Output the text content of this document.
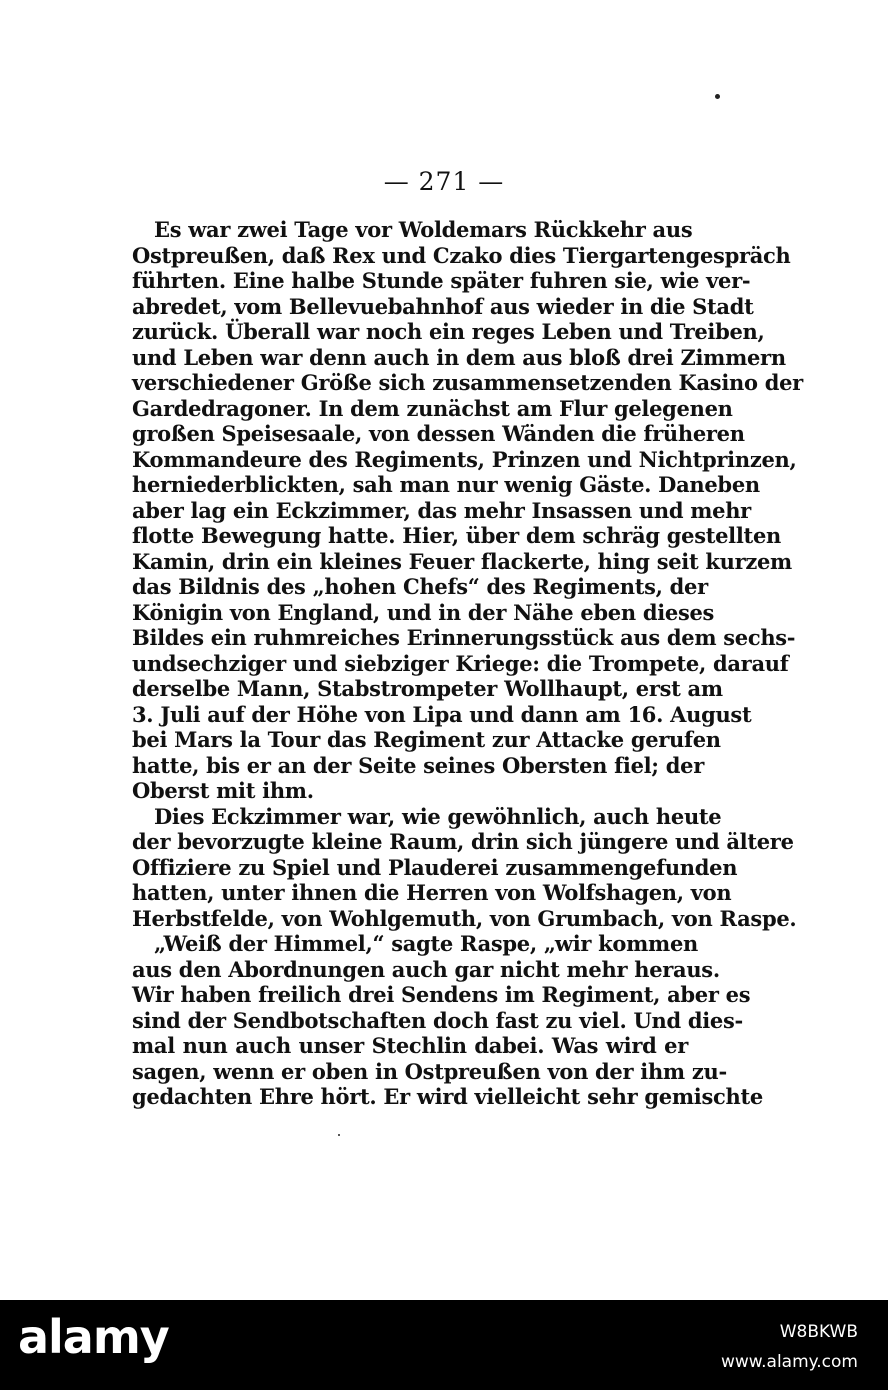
— 271 —
Es war zwei Tage vor Woldemars Rückkehr aus
Ostpreußen, daß Rex und Czako dies Tiergartengespräch
führten. Eine halbe Stunde später fuhren sie, wie ver-
abredet, vom Bellevuebahnhof aus wieder in die Stadt
zurück. Überall war noch ein reges Leben und Treiben,
und Leben war denn auch in dem aus bloß drei Zimmern
verschiedener Größe sich zusammensetzenden Kasino der
Gardedragoner. In dem zunächst am Flur gelegenen
großen Speisesaale, von dessen Wänden die früheren
Kommandeure des Regiments, Prinzen und Nichtprinzen,
herniederblickten, sah man nur wenig Gäste. Daneben
aber lag ein Eckzimmer, das mehr Insassen und mehr
flotte Bewegung hatte. Hier, über dem schräg gestellten
Kamin, drin ein kleines Feuer flackerte, hing seit kurzem
das Bildnis des „hohen Chefs“ des Regiments, der
Königin von England, und in der Nähe eben dieses
Bildes ein ruhmreiches Erinnerungsstück aus dem sechs-
undsechziger und siebziger Kriege: die Trompete, darauf
derselbe Mann, Stabstrompeter Wollhaupt, erst am
3. Juli auf der Höhe von Lipa und dann am 16. August
bei Mars la Tour das Regiment zur Attacke gerufen
hatte, bis er an der Seite seines Obersten fiel; der
Oberst mit ihm.
Dies Eckzimmer war, wie gewöhnlich, auch heute
der bevorzugte kleine Raum, drin sich jüngere und ältere
Offiziere zu Spiel und Plauderei zusammengefunden
hatten, unter ihnen die Herren von Wolfshagen, von
Herbstfelde, von Wohlgemuth, von Grumbach, von Raspe.
„Weiß der Himmel,“ sagte Raspe, „wir kommen
aus den Abordnungen auch gar nicht mehr heraus.
Wir haben freilich drei Sendens im Regiment, aber es
sind der Sendbotschaften doch fast zu viel. Und dies-
mal nun auch unser Stechlin dabei. Was wird er
sagen, wenn er oben in Ostpreußen von der ihm zu-
gedachten Ehre hört. Er wird vielleicht sehr gemischte
alamy	W8BKWB
www.alamy.com
